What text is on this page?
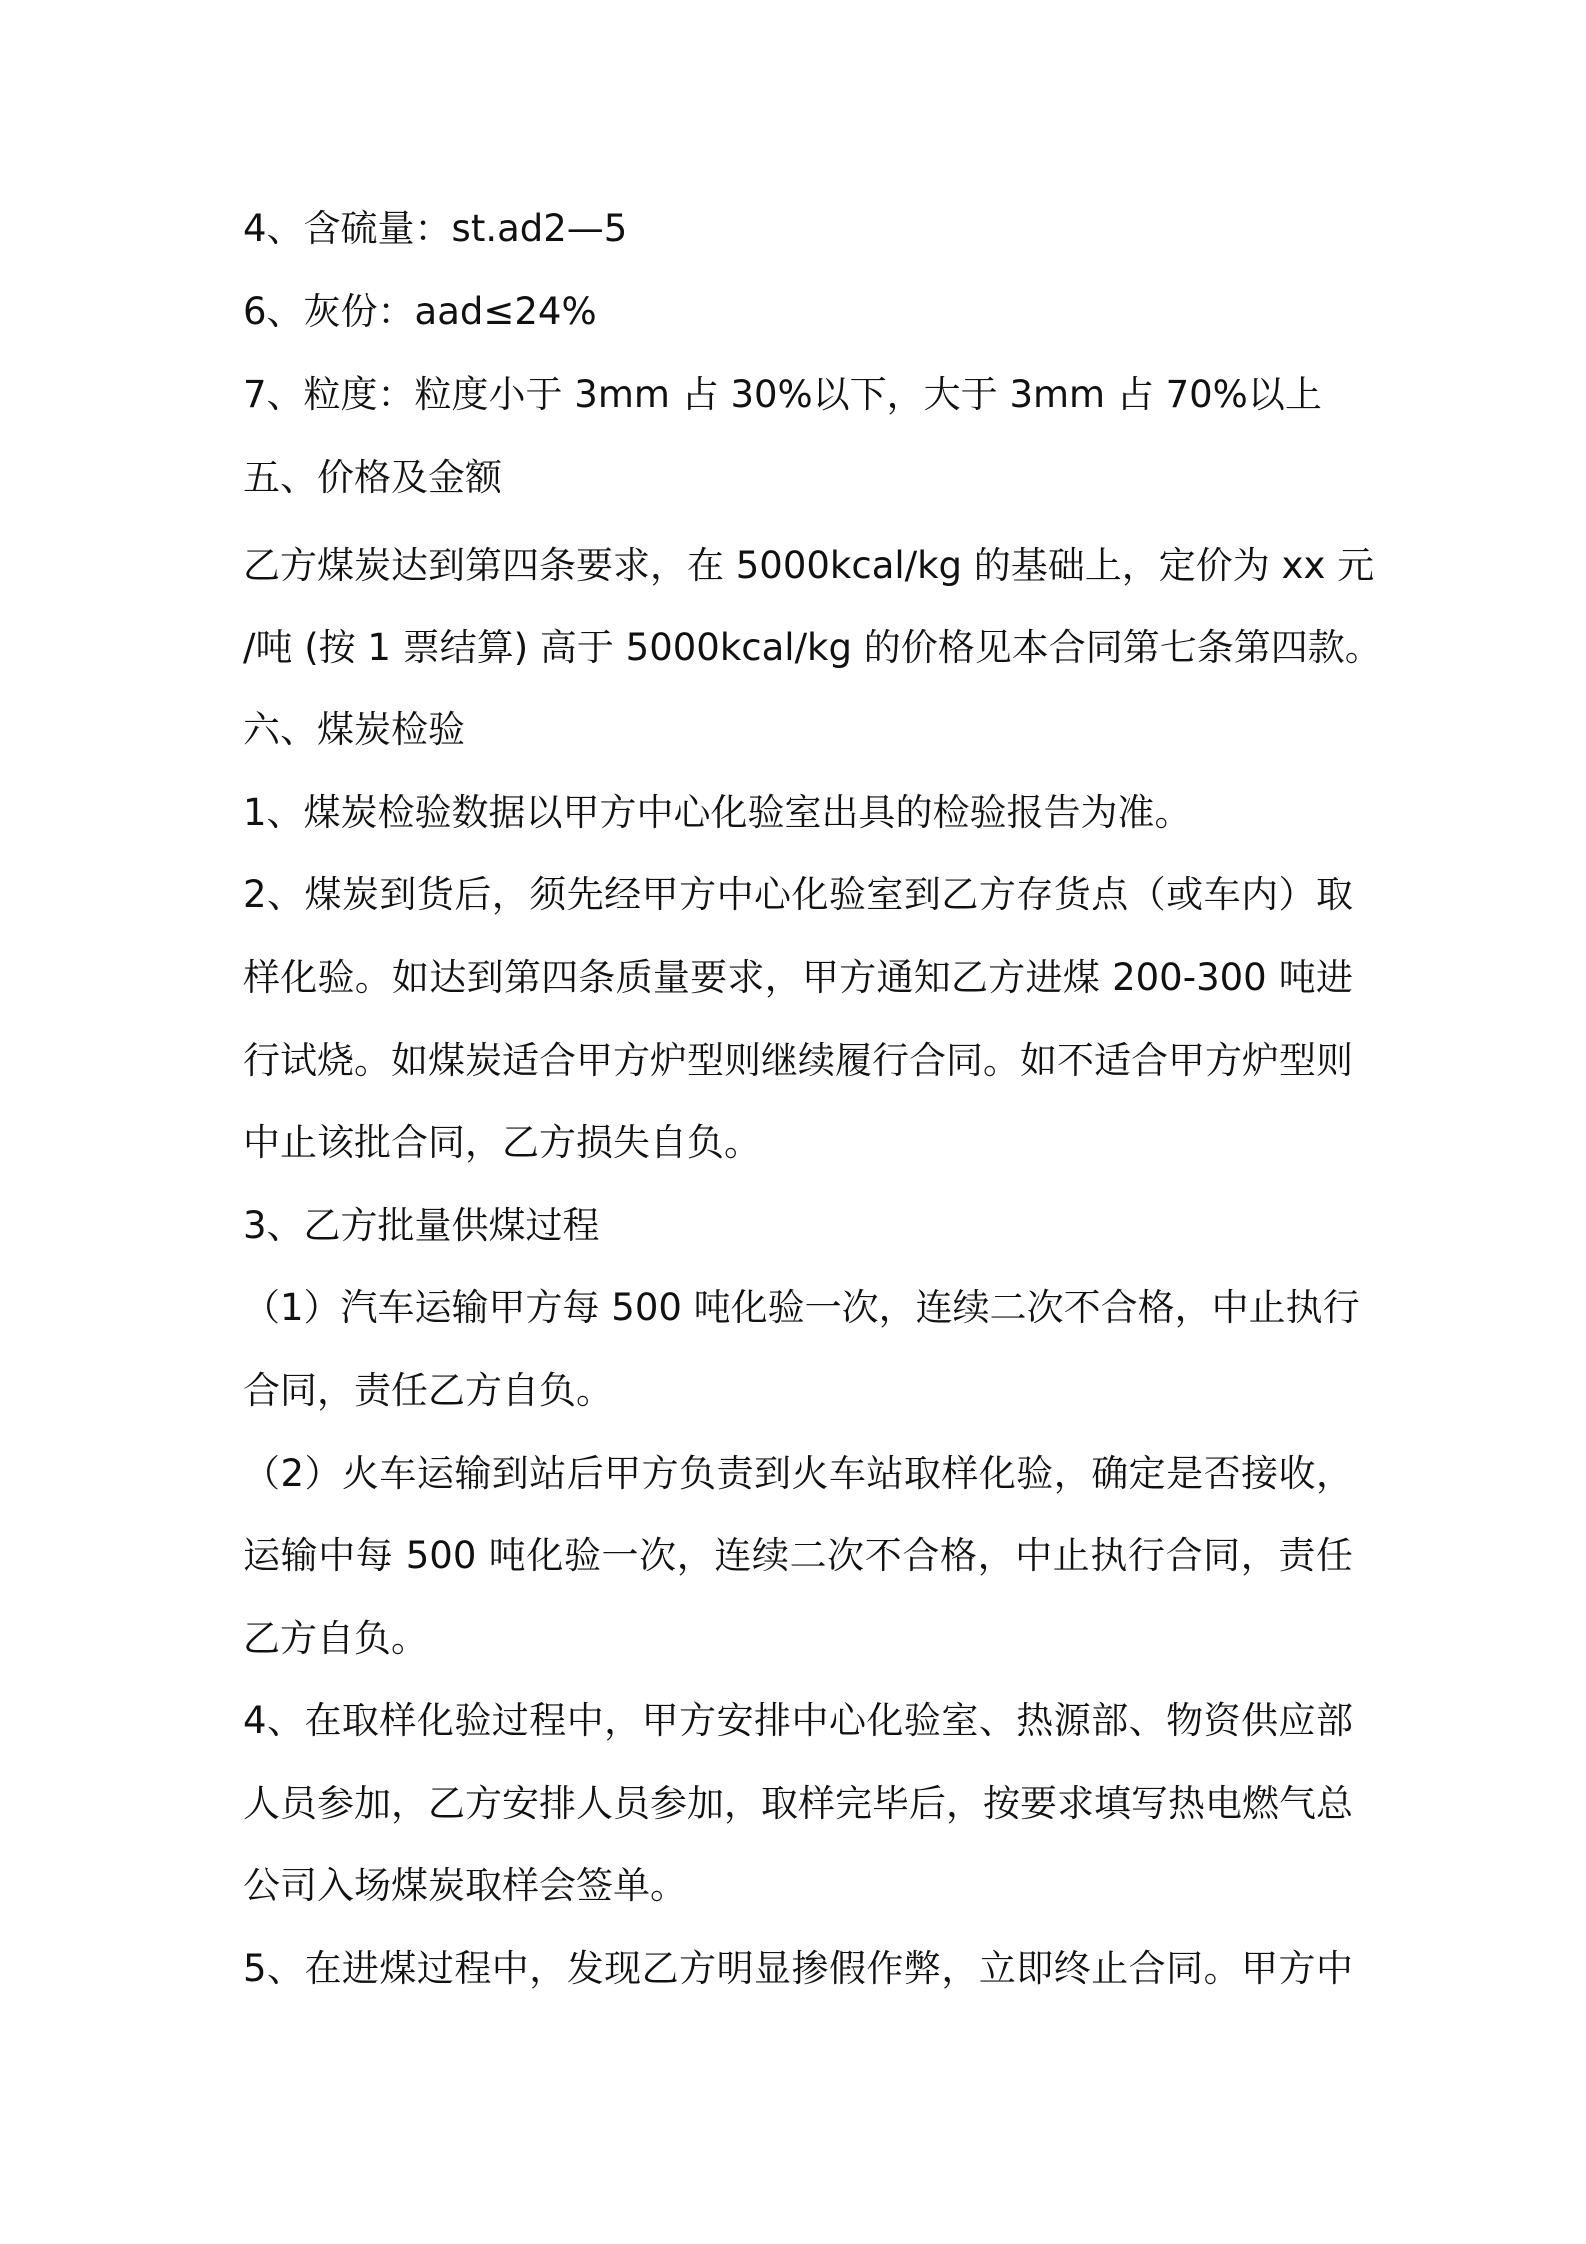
4、含硫量：st.ad2—5

6、灰份：aad≤24%

7、粒度：粒度小于 3mm 占 30%以下，大于 3mm 占 70%以上

五、价格及金额

乙方煤炭达到第四条要求，在 5000kcal/kg 的基础上，定价为 xx 元

/吨 (按 1 票结算) 高于 5000kcal/kg 的价格见本合同第七条第四款。

六、煤炭检验

1、煤炭检验数据以甲方中心化验室出具的检验报告为准。

2、煤炭到货后，须先经甲方中心化验室到乙方存货点（或车内）取

样化验。如达到第四条质量要求，甲方通知乙方进煤 200-300 吨进

行试烧。如煤炭适合甲方炉型则继续履行合同。如不适合甲方炉型则

中止该批合同，乙方损失自负。

3、乙方批量供煤过程

（1）汽车运输甲方每 500 吨化验一次，连续二次不合格，中止执行

合同，责任乙方自负。

（2）火车运输到站后甲方负责到火车站取样化验，确定是否接收，

运输中每 500 吨化验一次，连续二次不合格，中止执行合同，责任

乙方自负。

4、在取样化验过程中，甲方安排中心化验室、热源部、物资供应部

人员参加，乙方安排人员参加，取样完毕后，按要求填写热电燃气总

公司入场煤炭取样会签单。

5、在进煤过程中，发现乙方明显掺假作弊，立即终止合同。甲方中
